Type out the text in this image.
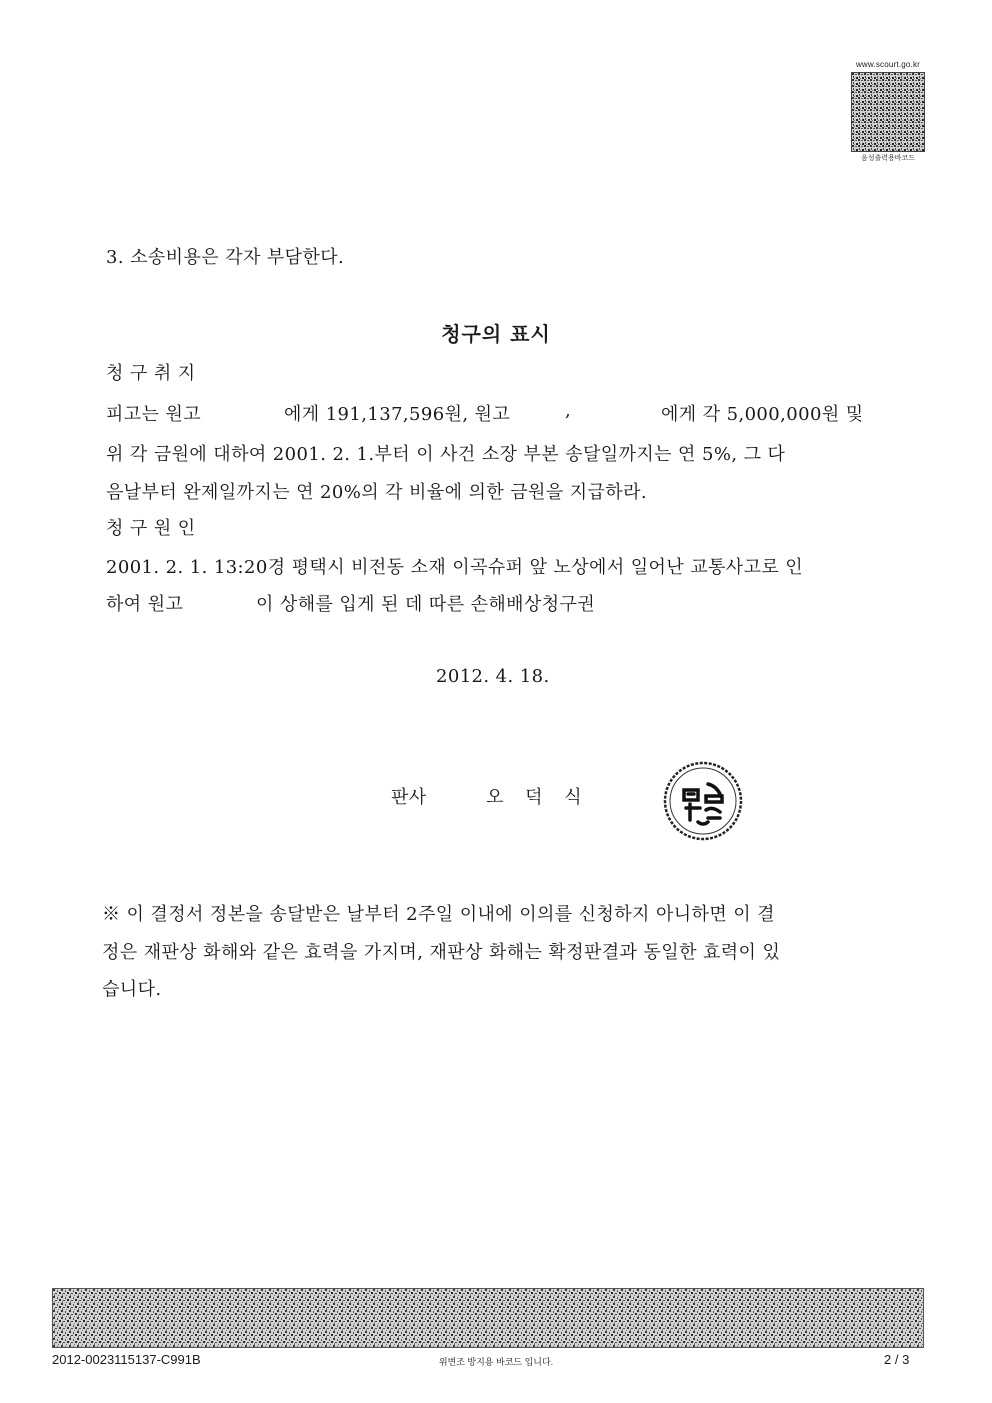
www.scourt.go.kr
음성출력용바코드
3. 소송비용은 각자 부담한다.
청구의 표시
청 구 취 지
피고는 원고	에게 191,137,596원, 원고	,	에게 각 5,000,000원 및
위 각 금원에 대하여 2001. 2. 1.부터 이 사건 소장 부본 송달일까지는 연 5%, 그 다
음날부터 완제일까지는 연 20%의 각 비율에 의한 금원을 지급하라.
청 구 원 인
2001. 2. 1. 13:20경 평택시 비전동 소재 이곡슈퍼 앞 노상에서 일어난 교통사고로 인
하여 원고	이 상해를 입게 된 데 따른 손해배상청구권
2012. 4. 18.
판사	오 덕 식
※ 이 결정서 정본을 송달받은 날부터 2주일 이내에 이의를 신청하지 아니하면 이 결
정은 재판상 화해와 같은 효력을 가지며, 재판상 화해는 확정판결과 동일한 효력이 있
습니다.
2012-0023115137-C991B	위변조 방지용 바코드 입니다.	2 / 3
